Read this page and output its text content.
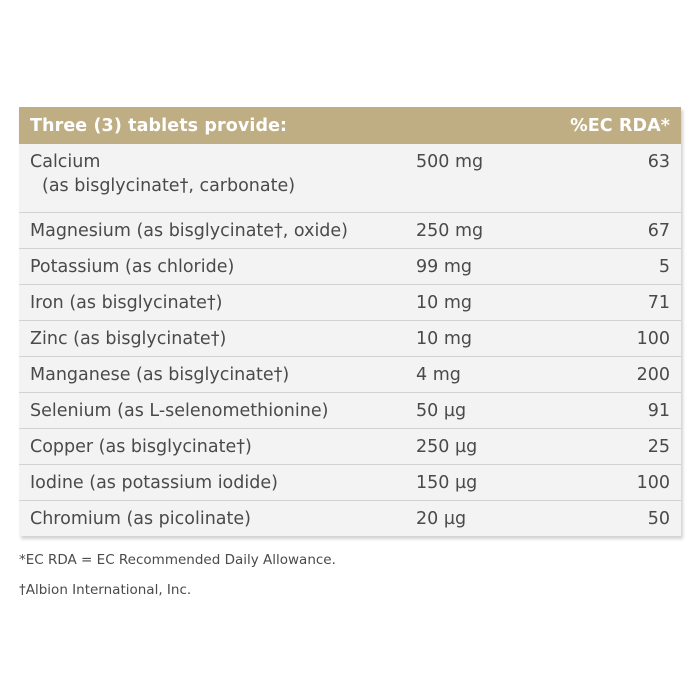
Three (3) tablets provide:		%EC RDA*
Calcium
(as bisglycinate†, carbonate)	500 mg	63
Magnesium (as bisglycinate†, oxide)	250 mg	67
Potassium (as chloride)	99 mg	5
Iron (as bisglycinate†)	10 mg	71
Zinc (as bisglycinate†)	10 mg	100
Manganese (as bisglycinate†)	4 mg	200
Selenium (as L-selenomethionine)	50 µg	91
Copper (as bisglycinate†)	250 µg	25
Iodine (as potassium iodide)	150 µg	100
Chromium (as picolinate)	20 µg	50

*EC RDA = EC Recommended Daily Allowance.

†Albion International, Inc.
